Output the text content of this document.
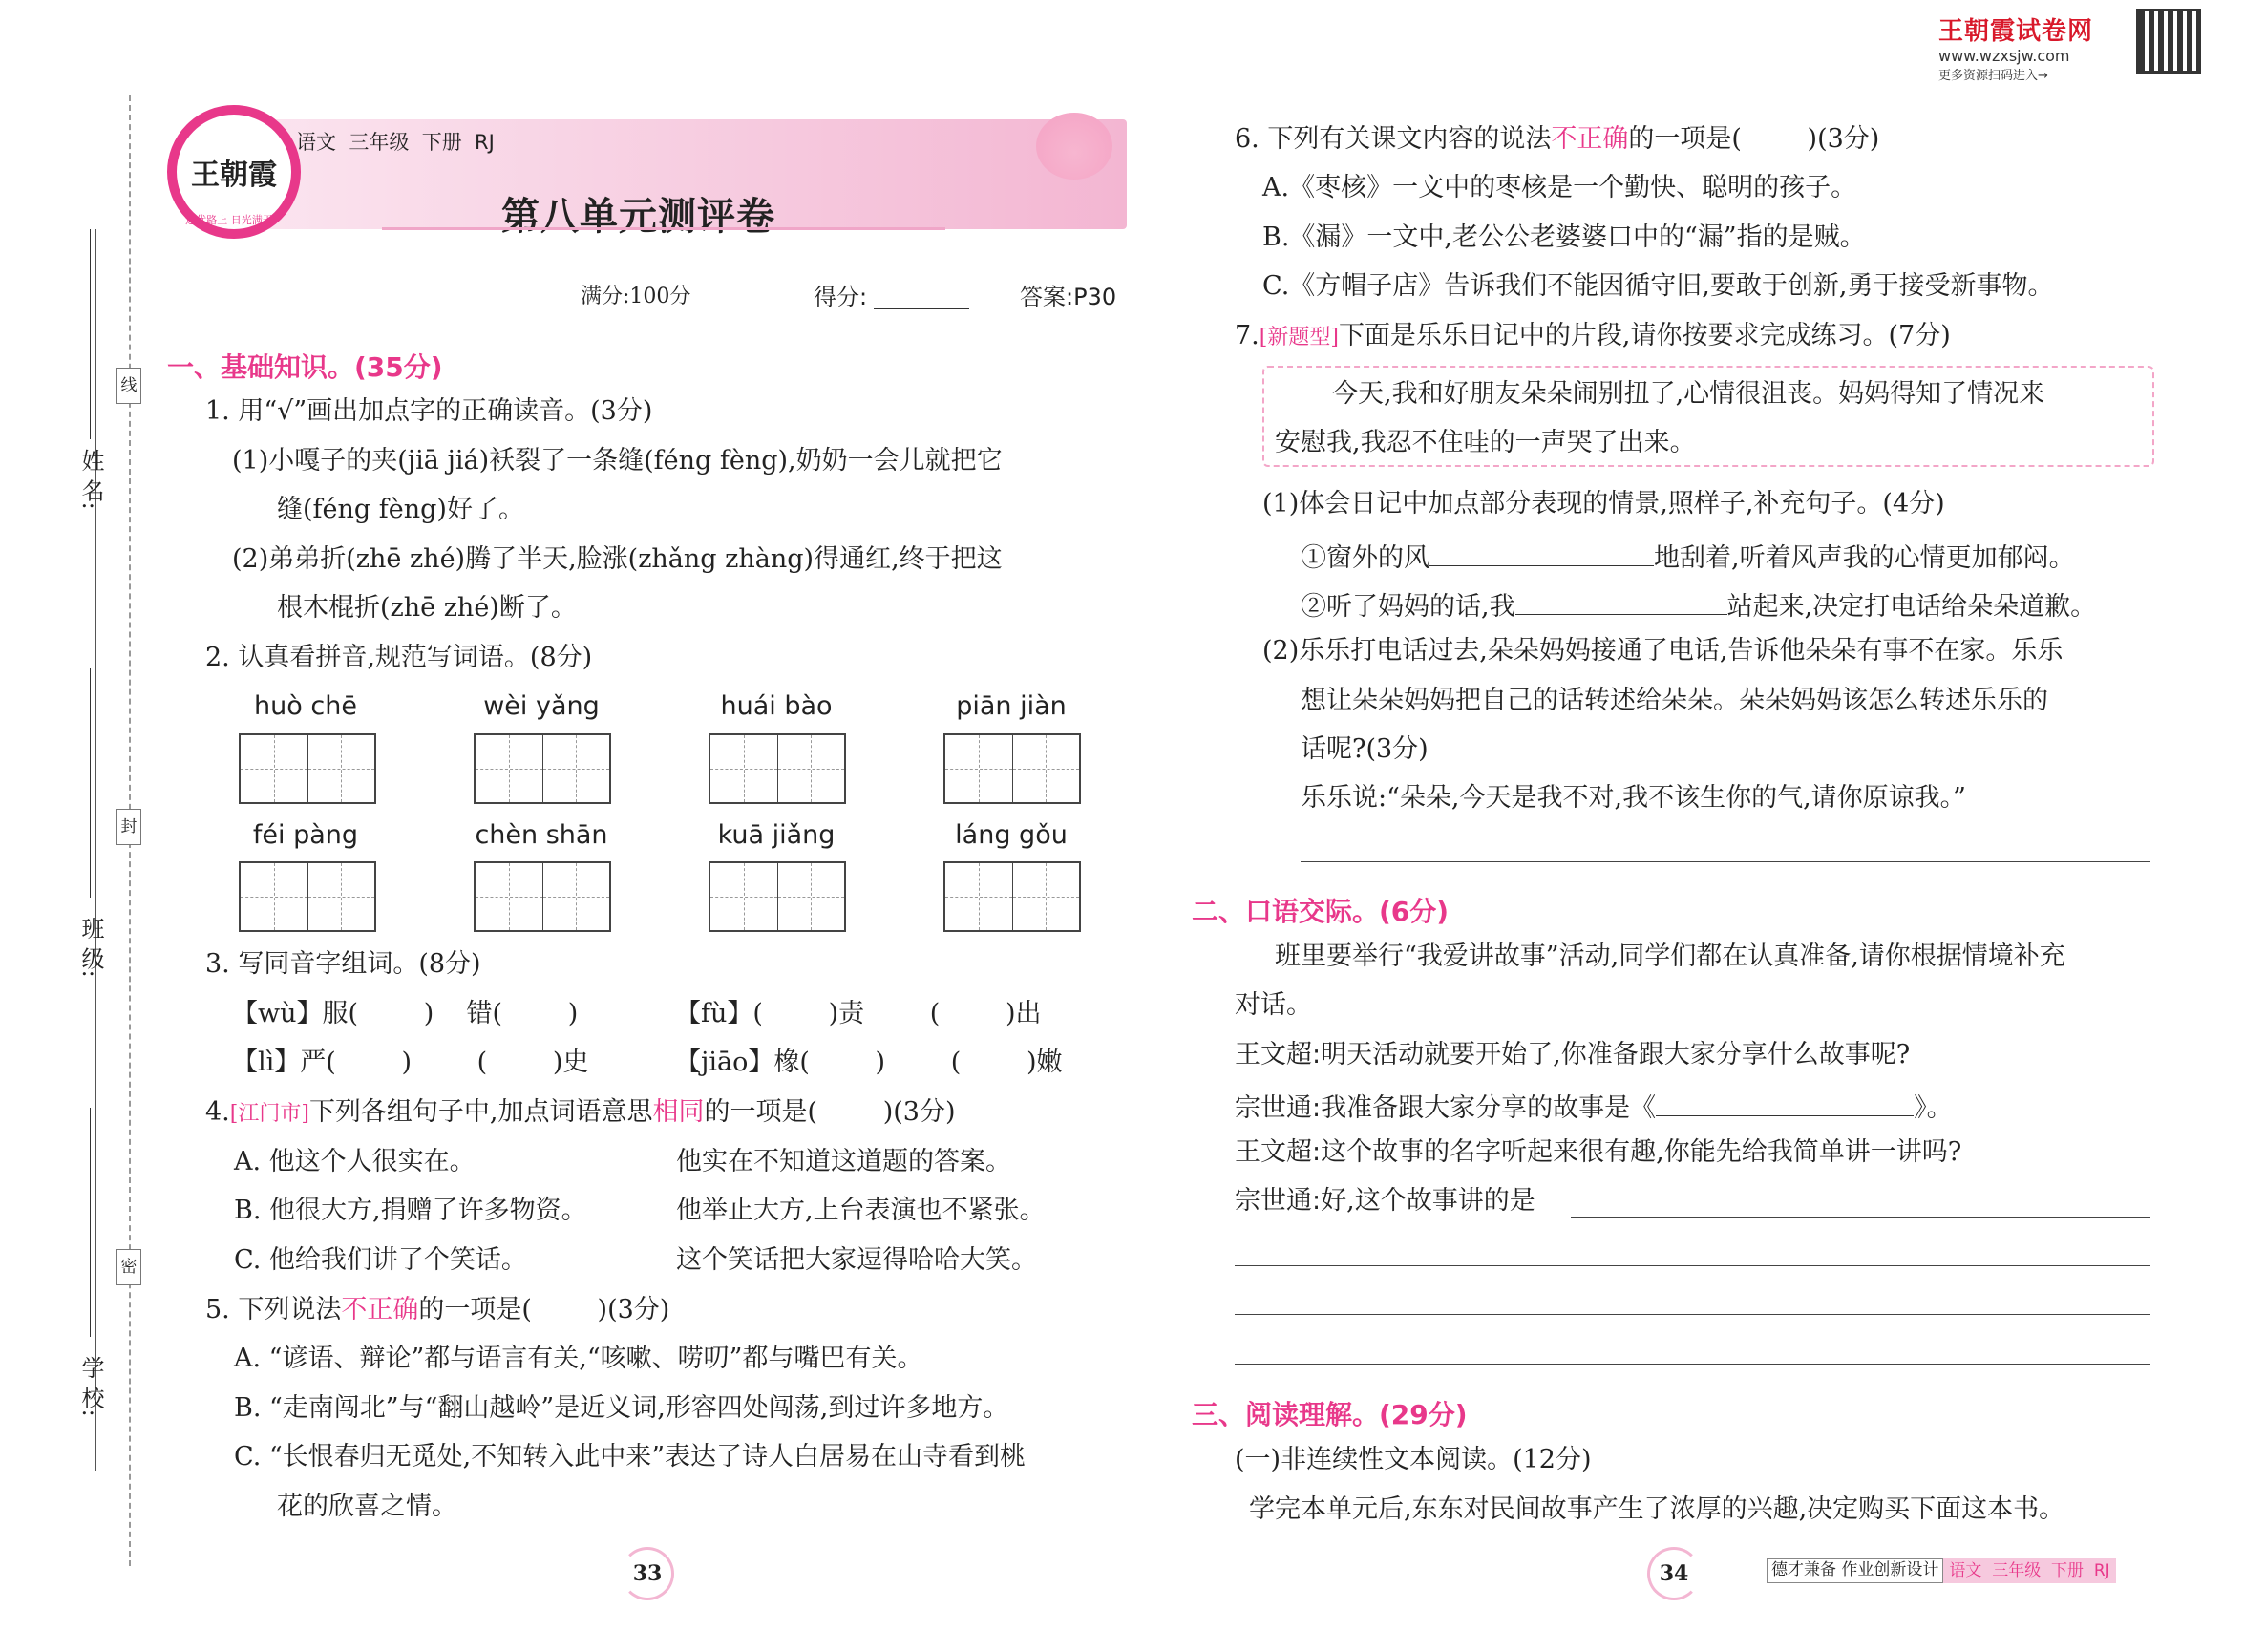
王朝霞试卷网
www.wzxsjw.com
更多资源扫码进入→
姓 名:
班 级:
学 校:
线
封
密
王朝霞
迎优路上 日光满天
语文  三年级  下册  RJ
第八单元测评卷
满分:100分	得分:	答案:P30
一、基础知识。(35分)
1. 用“√”画出加点字的正确读音。(3分)
(1)小嘎子的夹(jiā jiá)袄裂了一条缝(féng fèng),奶奶一会儿就把它
缝(féng fèng)好了。
(2)弟弟折(zhē zhé)腾了半天,脸涨(zhǎng zhàng)得通红,终于把这
根木棍折(zhē zhé)断了。
2. 认真看拼音,规范写词语。(8分)
huò chē	wèi yǎng	huái bào	piān jiàn
féi pàng	chèn shān	kuā jiǎng	láng gǒu
3. 写同音字组词。(8分)
【wù】服(        )    错(        )	【fù】(        )责        (        )出
【lì】严(        )        (        )史	【jiāo】橡(        )        (        )嫩
4.[江门市]下列各组句子中,加点词语意思相同的一项是(        )(3分)
A. 他这个人很实在。	他实在不知道这道题的答案。
B. 他很大方,捐赠了许多物资。	他举止大方,上台表演也不紧张。
C. 他给我们讲了个笑话。	这个笑话把大家逗得哈哈大笑。
5. 下列说法不正确的一项是(        )(3分)
A. “谚语、辩论”都与语言有关,“咳嗽、唠叨”都与嘴巴有关。
B. “走南闯北”与“翻山越岭”是近义词,形容四处闯荡,到过许多地方。
C. “长恨春归无觅处,不知转入此中来”表达了诗人白居易在山寺看到桃
花的欣喜之情。
33
6. 下列有关课文内容的说法不正确的一项是(        )(3分)
A.《枣核》一文中的枣核是一个勤快、聪明的孩子。
B.《漏》一文中,老公公老婆婆口中的“漏”指的是贼。
C.《方帽子店》告诉我们不能因循守旧,要敢于创新,勇于接受新事物。
7.[新题型]下面是乐乐日记中的片段,请你按要求完成练习。(7分)
今天,我和好朋友朵朵闹别扭了,心情很沮丧。妈妈得知了情况来
安慰我,我忍不住哇的一声哭了出来。
(1)体会日记中加点部分表现的情景,照样子,补充句子。(4分)
①窗外的风	地刮着,听着风声我的心情更加郁闷。
②听了妈妈的话,我	站起来,决定打电话给朵朵道歉。
(2)乐乐打电话过去,朵朵妈妈接通了电话,告诉他朵朵有事不在家。乐乐
想让朵朵妈妈把自己的话转述给朵朵。朵朵妈妈该怎么转述乐乐的
话呢?(3分)
乐乐说:“朵朵,今天是我不对,我不该生你的气,请你原谅我。”
二、口语交际。(6分)
班里要举行“我爱讲故事”活动,同学们都在认真准备,请你根据情境补充
对话。
王文超:明天活动就要开始了,你准备跟大家分享什么故事呢?
宗世通:我准备跟大家分享的故事是《	》。
王文超:这个故事的名字听起来很有趣,你能先给我简单讲一讲吗?
宗世通:好,这个故事讲的是
三、阅读理解。(29分)
(一)非连续性文本阅读。(12分)
学完本单元后,东东对民间故事产生了浓厚的兴趣,决定购买下面这本书。
34	德才兼备 作业创新设计 语文  三年级  下册  RJ
